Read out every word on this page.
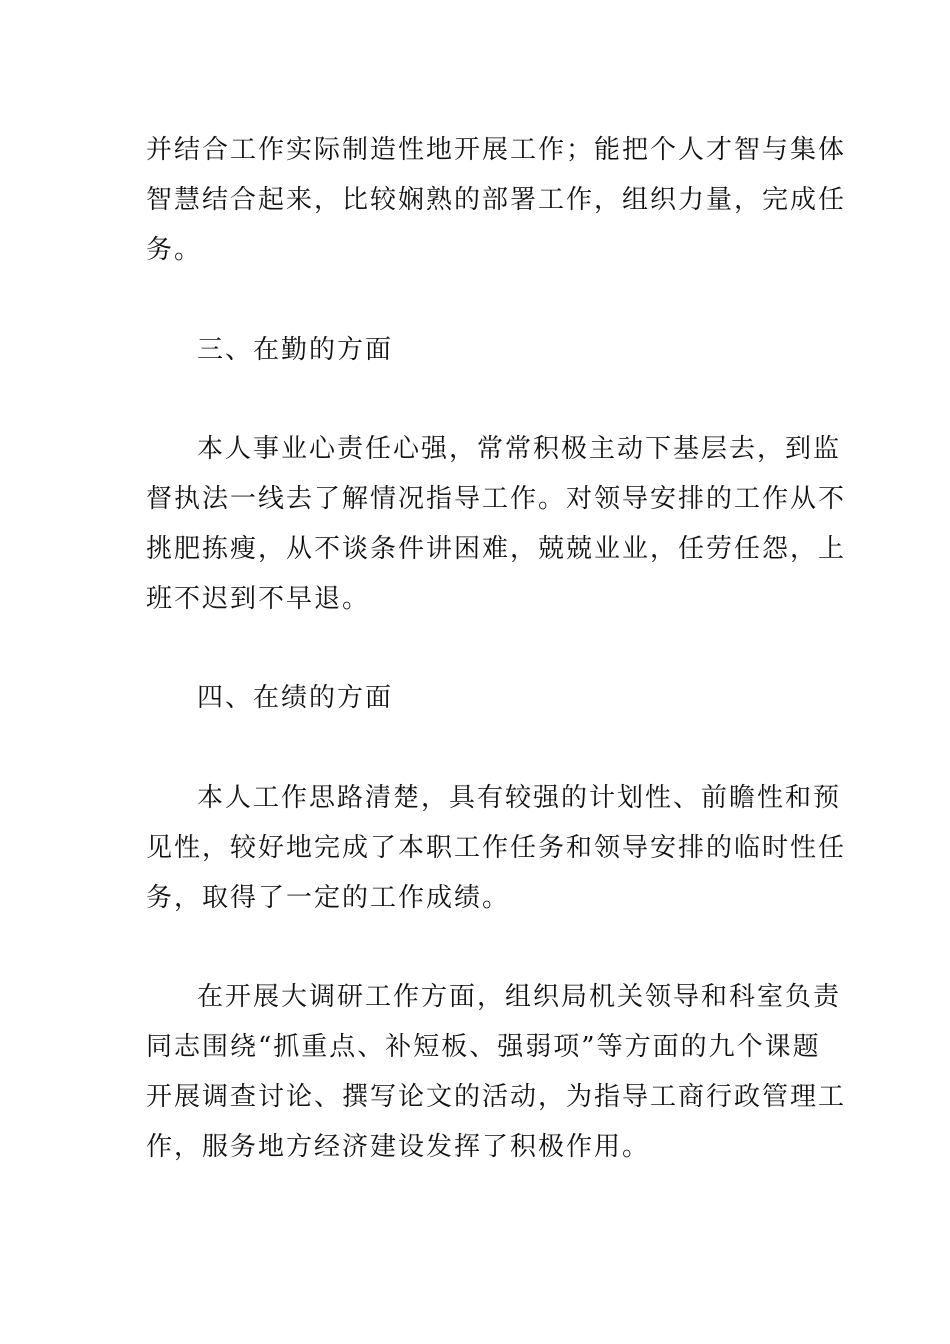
并结合工作实际制造性地开展工作；能把个人才智与集体
智慧结合起来，比较娴熟的部署工作，组织力量，完成任
务。
三、在勤的方面
本人事业心责任心强，常常积极主动下基层去，到监
督执法一线去了解情况指导工作。对领导安排的工作从不
挑肥拣瘦，从不谈条件讲困难，兢兢业业，任劳任怨，上
班不迟到不早退。
四、在绩的方面
本人工作思路清楚，具有较强的计划性、前瞻性和预
见性，较好地完成了本职工作任务和领导安排的临时性任
务，取得了一定的工作成绩。
在开展大调研工作方面，组织局机关领导和科室负责
同志围绕“抓重点、补短板、强弱项”等方面的九个课题
开展调查讨论、撰写论文的活动，为指导工商行政管理工
作，服务地方经济建设发挥了积极作用。
